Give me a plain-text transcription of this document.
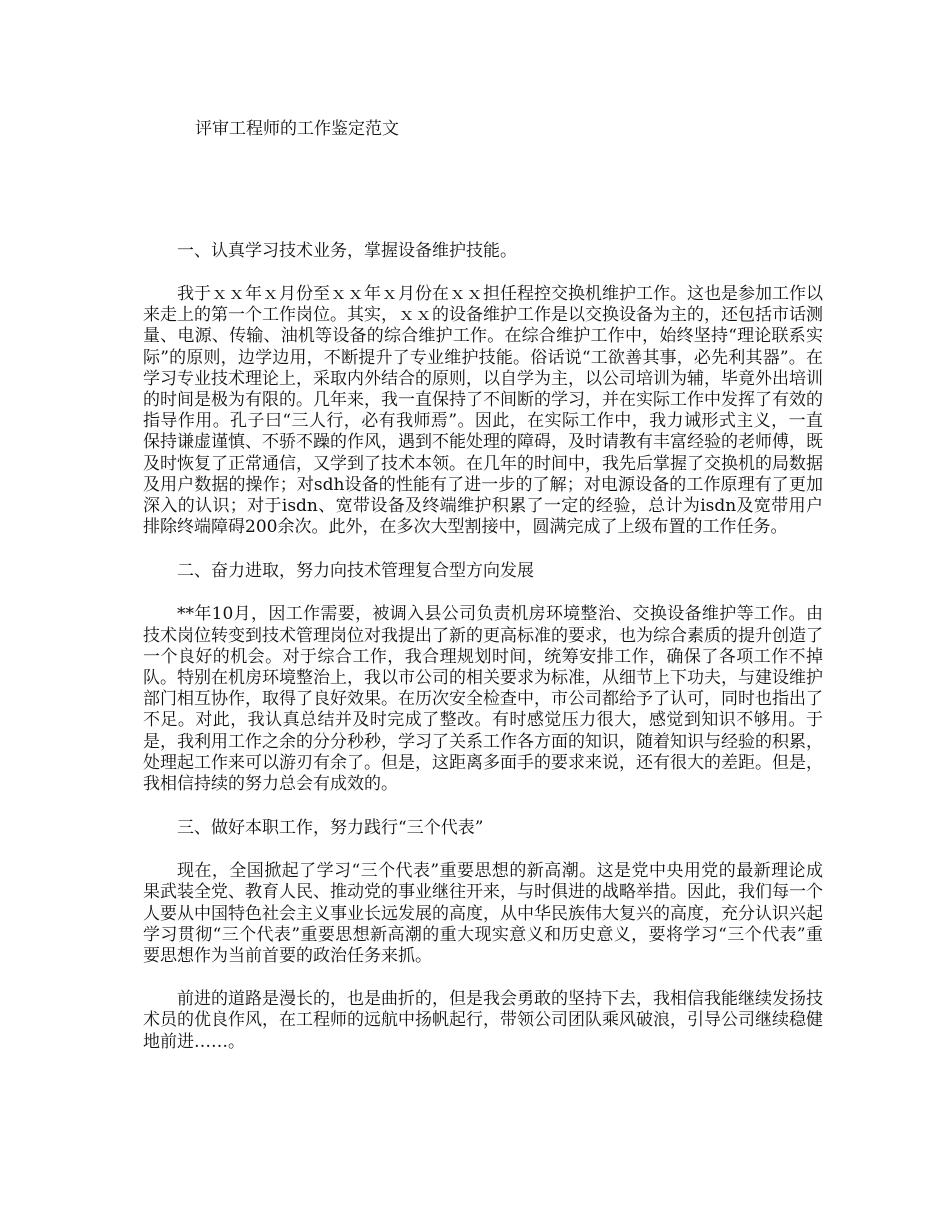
评审工程师的工作鉴定范文
一、认真学习技术业务，掌握设备维护技能。

我于ｘｘ年ｘ月份至ｘｘ年ｘ月份在ｘｘ担任程控交换机维护工作。这也是参加工作以来走上的第一个工作岗位。其实，ｘｘ的设备维护工作是以交换设备为主的，还包括市话测量、电源、传输、油机等设备的综合维护工作。在综合维护工作中，始终坚持“理论联系实际”的原则，边学边用，不断提升了专业维护技能。俗话说“工欲善其事，必先利其器”。在学习专业技术理论上，采取内外结合的原则，以自学为主，以公司培训为辅，毕竟外出培训的时间是极为有限的。几年来，我一直保持了不间断的学习，并在实际工作中发挥了有效的指导作用。孔子曰“三人行，必有我师焉”。因此，在实际工作中，我力诫形式主义，一直保持谦虚谨慎、不骄不躁的作风，遇到不能处理的障碍，及时请教有丰富经验的老师傅，既及时恢复了正常通信，又学到了技术本领。在几年的时间中，我先后掌握了交换机的局数据及用户数据的操作；对sdh设备的性能有了进一步的了解；对电源设备的工作原理有了更加深入的认识；对于isdn、宽带设备及终端维护积累了一定的经验，总计为isdn及宽带用户排除终端障碍200余次。此外，在多次大型割接中，圆满完成了上级布置的工作任务。

二、奋力进取，努力向技术管理复合型方向发展

**年10月，因工作需要，被调入县公司负责机房环境整治、交换设备维护等工作。由技术岗位转变到技术管理岗位对我提出了新的更高标准的要求，也为综合素质的提升创造了一个良好的机会。对于综合工作，我合理规划时间，统筹安排工作，确保了各项工作不掉队。特别在机房环境整治上，我以市公司的相关要求为标准，从细节上下功夫，与建设维护部门相互协作，取得了良好效果。在历次安全检查中，市公司都给予了认可，同时也指出了不足。对此，我认真总结并及时完成了整改。有时感觉压力很大，感觉到知识不够用。于是，我利用工作之余的分分秒秒，学习了关系工作各方面的知识，随着知识与经验的积累，处理起工作来可以游刃有余了。但是，这距离多面手的要求来说，还有很大的差距。但是，我相信持续的努力总会有成效的。

三、做好本职工作，努力践行“三个代表”

现在，全国掀起了学习“三个代表”重要思想的新高潮。这是党中央用党的最新理论成果武装全党、教育人民、推动党的事业继往开来，与时俱进的战略举措。因此，我们每一个人要从中国特色社会主义事业长远发展的高度，从中华民族伟大复兴的高度，充分认识兴起学习贯彻“三个代表”重要思想新高潮的重大现实意义和历史意义，要将学习“三个代表”重要思想作为当前首要的政治任务来抓。

前进的道路是漫长的，也是曲折的，但是我会勇敢的坚持下去，我相信我能继续发扬技术员的优良作风，在工程师的远航中扬帆起行，带领公司团队乘风破浪，引导公司继续稳健地前进……。
